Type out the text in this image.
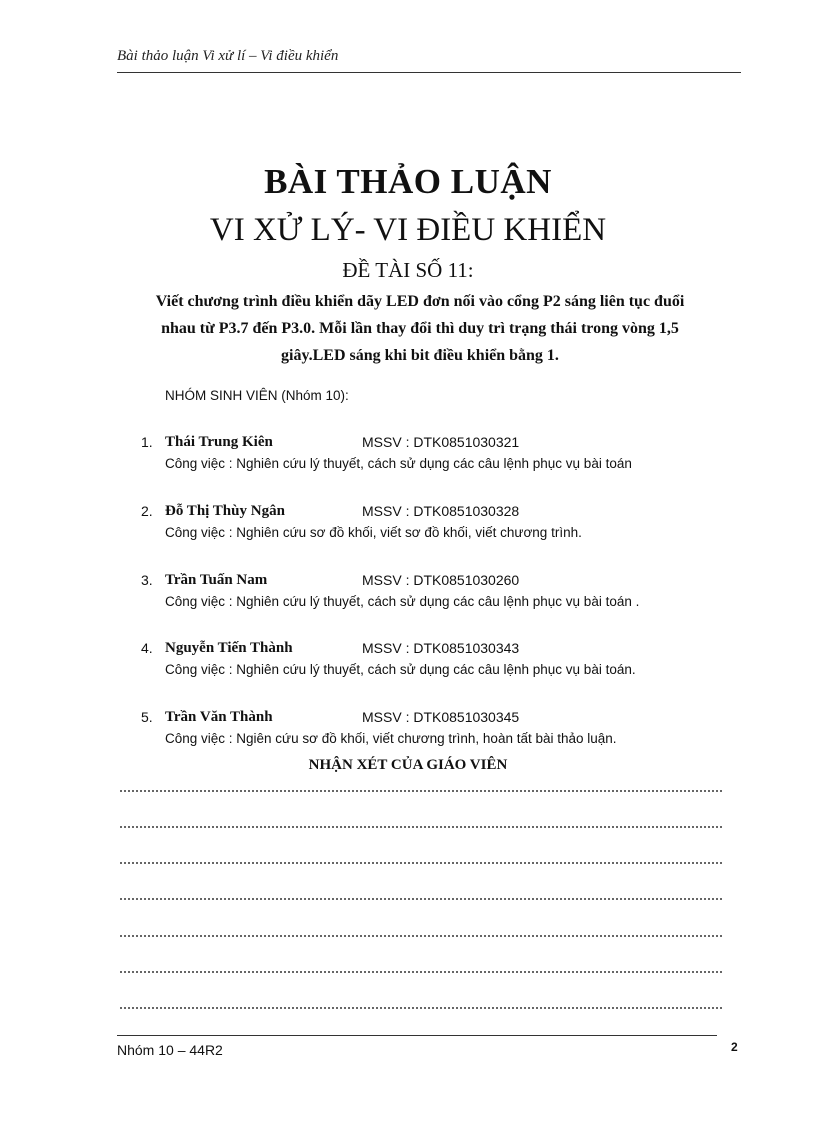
Bài thảo luận Vi xử lí – Vi điều khiển
BÀI THẢO LUẬN
VI XỬ LÝ- VI ĐIỀU KHIỂN
ĐỀ TÀI SỐ 11:
Viết chương trình điều khiển dãy LED đơn nối vào cổng P2 sáng liên tục đuổi
nhau từ P3.7 đến P3.0. Mỗi lần thay đổi thì duy trì trạng thái trong vòng 1,5
giây.LED sáng khi bit điều khiển bằng 1.
NHÓM SINH VIÊN (Nhóm 10):
1. Thái Trung Kiên	MSSV : DTK0851030321
Công việc : Nghiên cứu lý thuyết, cách sử dụng các câu lệnh phục vụ bài toán
2. Đỗ Thị Thùy Ngân	MSSV : DTK0851030328
Công việc : Nghiên cứu sơ đồ khối, viết sơ đồ khối, viết chương trình.
3. Trần Tuấn Nam	MSSV : DTK0851030260
Công việc : Nghiên cứu lý thuyết, cách sử dụng các câu lệnh phục vụ bài toán .
4. Nguyễn Tiến Thành	MSSV : DTK0851030343
Công việc : Nghiên cứu lý thuyết, cách sử dụng các câu lệnh phục vụ bài toán.
5. Trần Văn Thành	MSSV : DTK0851030345
Công việc : Ngiên cứu sơ đồ khối, viết chương trình, hoàn tất bài thảo luận.
NHẬN XÉT CỦA GIÁO VIÊN
Nhóm 10 – 44R2	2
